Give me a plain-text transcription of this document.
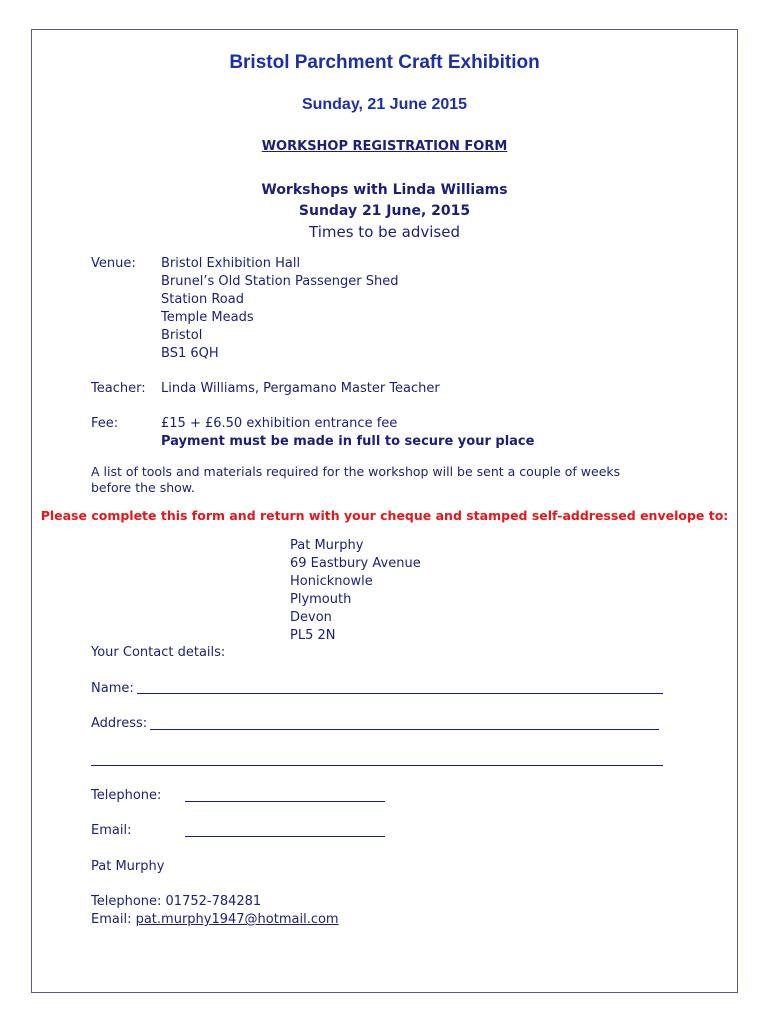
Bristol Parchment Craft Exhibition
Sunday, 21 June 2015
WORKSHOP REGISTRATION FORM
Workshops with Linda Williams
Sunday 21 June, 2015
Times to be advised
Venue: Bristol Exhibition Hall
Brunel’s Old Station Passenger Shed
Station Road
Temple Meads
Bristol
BS1 6QH
Teacher: Linda Williams, Pergamano Master Teacher
Fee:	£15 + £6.50 exhibition entrance fee
Payment must be made in full to secure your place
A list of tools and materials required for the workshop will be sent a couple of weeks
before the show.
Please complete this form and return with your cheque and stamped self-addressed envelope to:
Pat Murphy
69 Eastbury Avenue
Honicknowle
Plymouth
Devon
PL5 2N
Your Contact details:
Name:
Address:
Telephone:
Email:
Pat Murphy
Telephone: 01752-784281
Email: pat.murphy1947@hotmail.com
